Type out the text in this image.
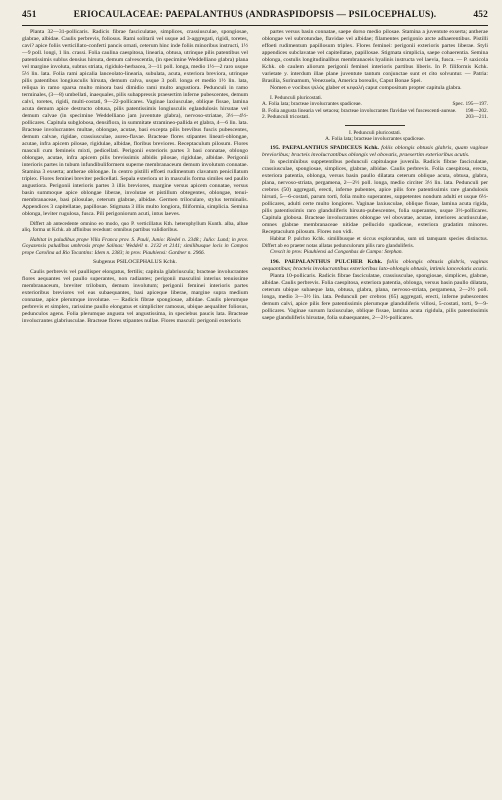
451	ERIOCAULACEAE: PAEPALANTHUS (ANDRASPIDOPSIS — PSILOCEPHALUS).	452

Planta 32—31-pollicaris. Radicis fibrae fasciculatae, simplices, crassiusculae, spongiosae, glabrae, albidae. Caulis perbrevis, foliosus. Rami solitarii vel usque ad 3-aggregati, rigidi, toretes, cavi? apice foliis verticillato-conferti pancis ornati, ceterum hinc inde foliis minoribus instructi, 1½—9 poll. longi, 1 lin. crassi. Folia caulina caespitosa, linearia, obtusa, utrinque pilis patentibus vel patentissimis sublus densius hirsuta, demum calvescentia, (in specimine Weddelliano glabra) plana vel marginе involuta, subtus striata, rigidulo-herbacea, 3—11 poll. longa, medio 1½—2 raro usque 5½ lin. lata. Folia rami apicalia lanceolato-linearia, subulata, acuta, exteriora breviora, utrinque pilis patentibus longiusculis hirsuta, demum calva, usque 3 poll. longa et medio 1½ lin. lata, reliqua in ramo sparsa multo minora basi dimidio rami multo angustiora. Pedunculi in ramo terminales, (3—8) umbellati, inaequales, pilis subappressis praesertim inferne pubescentes, demum calvi, toretes, rigidi, multi-costati, 9—22-pollicares. Vaginae laxiusculae, oblique fissae, lamina acuta demum apice destructo obtusa, pilis patentissimis longiusculis eglandulosis hirsutae vel demum calvae (in specimine Weddelliano jam juventute glabra), nervoso-striatae, 3½—4½-pollicares. Capitula subglobosa, densiflora, in summitate stramineo-pallida et glabra, 4—6 lin. lata. Bracteae involucrantes multae, oblongae, acutae, basi excepta pilis brevibus fuscis pubescentes, demum calvae, rigidae, crassiusculae, aureo-flavae. Bracteae flores stipantes lineari-oblongae, acutae, infra apicem pilosae, rigidulae, albidae, floribus breviores. Receptaculum pilosum. Flores masculi cum femineis mixti, pedicellati. Perigonii exterioris partes 3 basi connatae, oblongo oblongae, acutae, infra apicem pilis brevissimis albidis pilosae, rigidulae, albidae. Perigonii interioris partes in tubum infundibuliformem superne membranaceum demum involutum connatae. Stamina 3 exserta; antherae oblongae. In centro pistilli effoeti rudimentum clavatum penicillatum triplex. Flores feminei breviter pedicellati. Sepala exteriora ut in masculis forma similes sed paullo angustiora. Perigonii interioris partes 3 illis breviores, margine versus apicem connatae, versus basin summoque apice oblongae liberae, involutae et pistillum obtegentes, oblongae, tenui-membranaceae, basi pilosulae, ceterum glabrae, albidae. Germen triloculare, stylus terminalis. Appendices 3 capitellatae, papillosae. Stigmata 3 illis multo longiora, filiformia, simplicia. Semina oblonga, leviter rugulosa, fusca. Pili perigoniorum acuti, intus laeves.

Differt ab antecedente omnino eo modo, quo P. verticillatus Kth. heterophyllum Kunth. alba, albae aliq. forma ut Kchk. ab affinibus recedunt: omnibus partibus validioribus.

Habitat in paludibus prope Villa Franca prov. S. Pauli, Junio: Riedel n. 2348.; Julio: Lund; in prov. Goyazensis paludibus umbrosis prope Salinas: Weddell n. 2132 et 2141; similibusque locis in Campos prope Carolina ad Rio Tocantins: Idem n. 2383; in prov. Piauhiensi: Gardner n. 2966.

Subgenus PSILOCEPHALUS Kchk.

Caulis perbrevis vel paullisper elongatus, fertilis; capitula glabriuscula; bracteae involucrantes flores aequantes vel paullo superantes, non radiantes; perigonii masculini interius tenuissime membranaceum, breviter trilobum, demum involutum; perigonii feminei interioris partes exterioribus breviores vel eas subaequantes, basi apiceque liberae, margine supra medium connatae, apice plerumque involutae. — Radicis fibrae spongiosae, albidae. Caulis plerumque perbrevis et simplex, rarissime paullo elongatus et simpliciter ramosus, ubique aequaliter foliosus, pedunculos agens. Folia plerumque angusta vel angustissima, in speciebus paucis lata. Bracteae involucrantes glabriusculae. Bracteae flores stipantes nullae. Flores masculi: perigonii exterioris

partes versus basin connatae, saepe dorso medio pilosae. Stamina a juventute exserta; antherae oblongae vel subrotundae, flavidae vel albidae; filamentes perigonio arcte adhaerentibus. Pistilli effoeti rudimentum papillosum triplex. Flores feminei: perigonii exterioris partes liberae. Styli appendices subclavatae vel capitellatae, papillosae. Stigmata simplicia, saepe cohaerentia. Semina oblonga, costulis longitudinalibus membranaceis hyalinis instructa vel laevia, fusca. — P. saxicola Kchk. ob caulem aliorum perigonii feminei interioris partibus liberis. In P. filiformis Kchk. varietate y. interdum illae plane juventute tantum conjunctae sunt et cito solvuntur. — Patria: Brasilia, Surinamum, Venezuela, America borealis, Caput Bonae Spei.

Nomen e vocibus ψιλός glaber et κεφαλή caput compositum propter capitula glabra.

I. Pedunculi pluricostati.

A. Folia lata; bracteae involucrantes spadiceae.	Spec. 195—197.
B. Folia angusta linearia vel setacea; bracteae involucrantes flavidae vel fuscescenti-aureae.	198—202.
2. Pedunculi tricostati.	203—211.

I. Pedunculi pluricostati.

A. Folia lata; bracteae involucrantes spadiceae.

195. PAEPALANTHUS SPADICEUS Kchk. foliis oblongis obtusis glabris, quam vaginae brevioribus; bracteis involucrantibus oblongis vel obovatis, praesertim exterioribus acutis.

In specimínibus suppetentibus pedunculi capitulaque juveníla. Radicis fibrae fasciculatae, crassiusculae, spongiosae, simplices, glabrae, albidae. Caulis perbrevis. Folia caespitosa, erecta, exteriora patentia, oblonga, versus basin paullo dilatata ceterum oblique acuta, obtusa, glabra, plana, nervoso-striata, pergamena, 2—2½ poll. longa, medio circiter 3½ lin. lata. Pedunculi per crebros (50) aggregati, erecti, inferne pubentes, apice pilis fore patentissimis rare glandulosis hirsuti, 5—6-costati, parum torti, folia multo superantes, suppetentes nondum adulti et usque 6½-pollicares, adulti certe multo longiores. Vaginae laxiusculae, oblique fissae, lamina acuta rigida, pilis patentissimis raro glanduliferis hirsuto-pubescentes, folia superantes, usque 3½-pollicares. Capitula globosa. Bracteae involucrantes oblongae vel obovatae, acutae, interiores acutiusculae, omnes glabrae membranaceae nitidae pellucido spadiceae, exteriora gradatim minores. Receptaculum pilosum. Flores non vidi.

Habitat P. pulchro Kchk. similibusque et siccus explorandus, sum uti tamquam species distinctus. Differt ab eo praeter notas allatas pedunculorum pilis raro glanduliferis.

Crescit in prov. Piauhiensi ad Congonhas de Campo: Stephan.

196. PAEPALANTHUS PULCHER Kchk. foliis oblongis obtusis glabris, vaginas aequantibus; bracteis involucrantibus exterioribus lato-oblongis obtusis, intimis lanceolatis acutis.

Planta 10-pollicaris. Radicis fibrae fasciculatae, crassiusculae, spongiosae, simplices, glabrae, albidae. Caulis perbrevis. Folia caespitosa, exteriora patentia, oblonga, versus basin paullo dilatata, ceterum ubique subaeque lata, obtusa, glabra, plana, nervoso-striata, pergamena, 2—2½ poll. longa, medio 3—3½ lin. lata. Pedunculi per crebros (65) aggregati, erecti, inferne pubescentes demum calvi, apice pilis fere patentissimis plerumque glanduliferis villosi, 5-costati, torti, 9—9-pollicares. Vaginae sursum laxiusculae, oblique fissae, lamina acuta rigidula, pilis patentissimis saepe glanduliferis hirsutae, folia subaequantes, 2—2½-pollicares.
